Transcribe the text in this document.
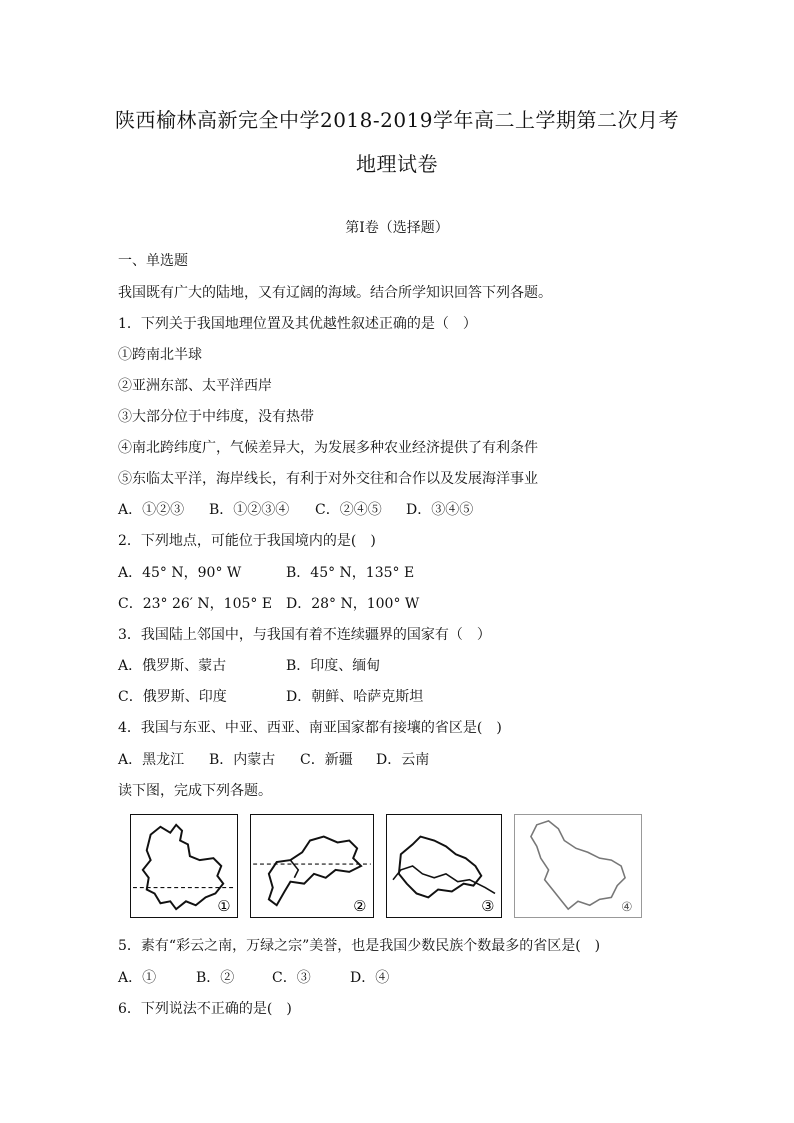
陕西榆林高新完全中学2018-2019学年高二上学期第二次月考
地理试卷
第Ⅰ卷（选择题）
一、单选题
我国既有广大的陆地，又有辽阔的海域。结合所学知识回答下列各题。
1．下列关于我国地理位置及其优越性叙述正确的是（　）
①跨南北半球
②亚洲东部、太平洋西岸
③大部分位于中纬度，没有热带
④南北跨纬度广，气候差异大，为发展多种农业经济提供了有利条件
⑤东临太平洋，海岸线长，有利于对外交往和合作以及发展海洋事业
A．①②③ B．①②③④ C．②④⑤ D．③④⑤
2．下列地点，可能位于我国境内的是(　)
A．45° N，90° W	B．45° N，135° E
C．23° 26′ N，105° E D．28° N，100° W
3．我国陆上邻国中，与我国有着不连续疆界的国家有（　）
A．俄罗斯、蒙古	B．印度、缅甸
C．俄罗斯、印度	D．朝鲜、哈萨克斯坦
4．我国与东亚、中亚、西亚、南亚国家都有接壤的省区是(　)
A．黑龙江 B．内蒙古 C．新疆 D．云南
读下图，完成下列各题。
①	②	③	④
5．素有“彩云之南，万绿之宗”美誉，也是我国少数民族个数最多的省区是(　)
A．①	B．②	C．③	D．④
6．下列说法不正确的是(　)
